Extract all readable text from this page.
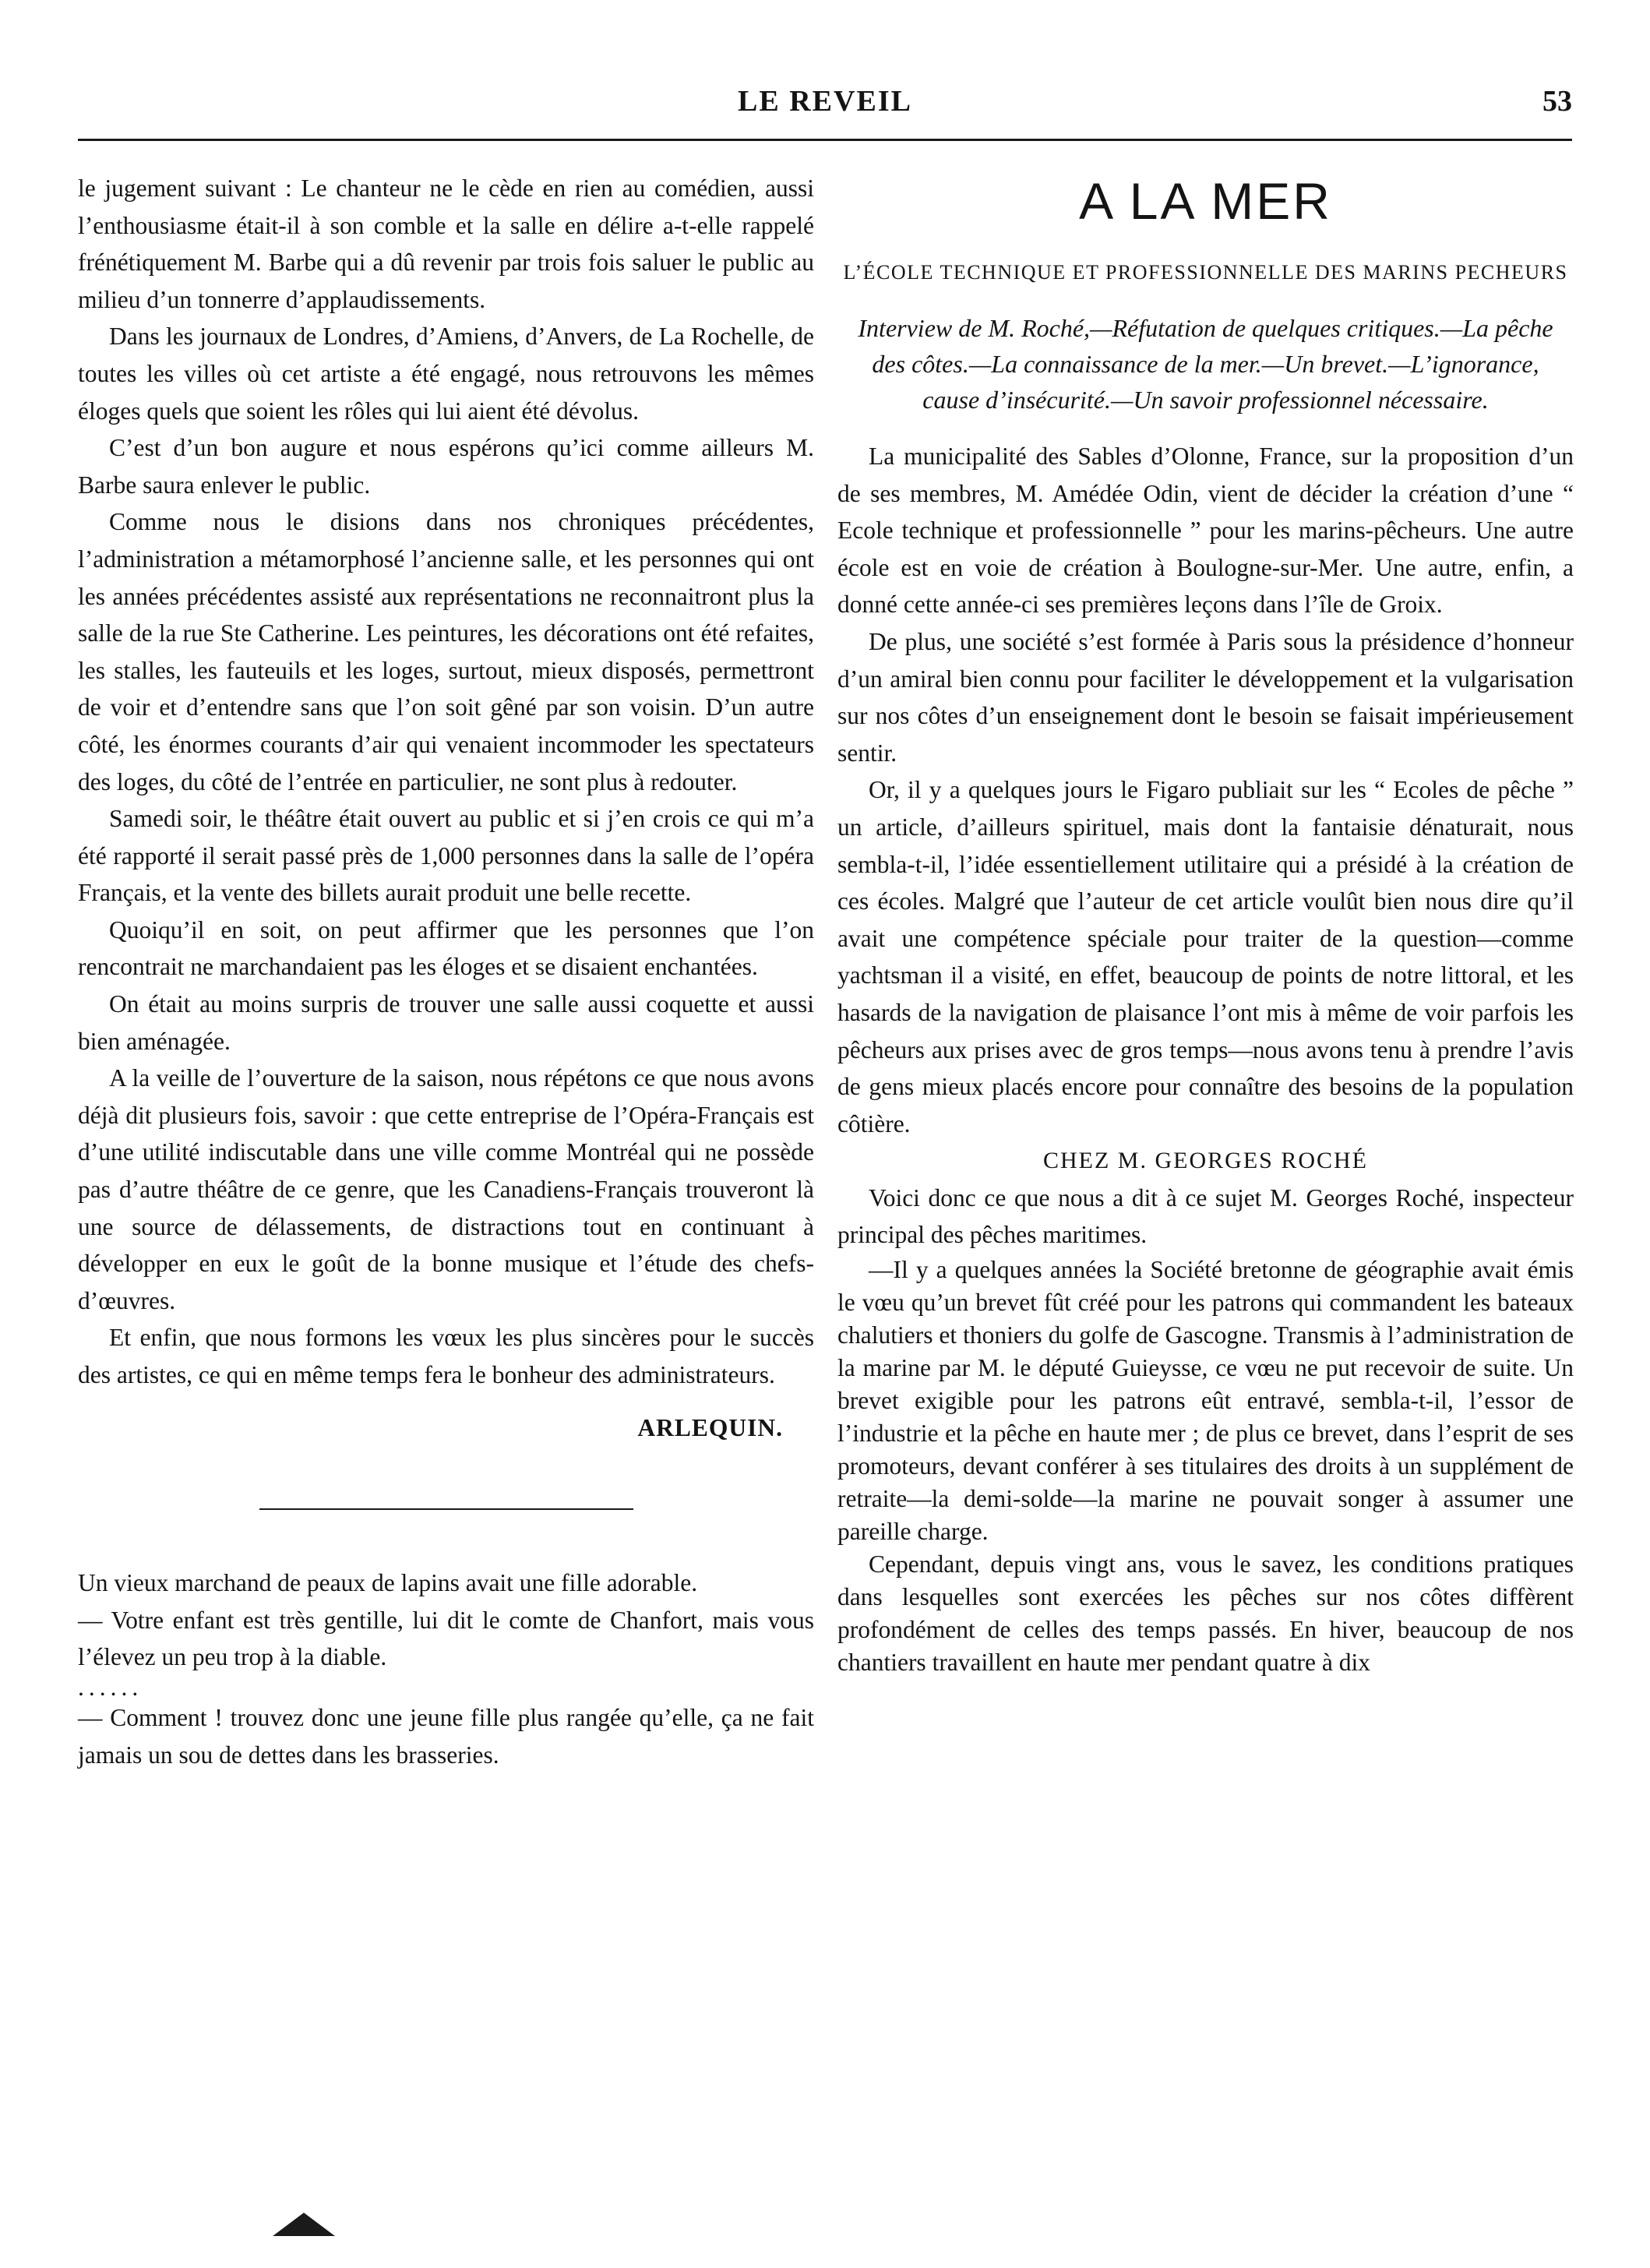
LE REVEIL	53

le jugement suivant : Le chanteur ne le cède en rien au comédien, aussi l’enthousiasme était-il à son comble et la salle en délire a-t-elle rappelé frénétiquement M. Barbe qui a dû revenir par trois fois saluer le public au milieu d’un tonnerre d’applaudissements.

Dans les journaux de Londres, d’Amiens, d’Anvers, de La Rochelle, de toutes les villes où cet artiste a été engagé, nous retrouvons les mêmes éloges quels que soient les rôles qui lui aient été dévolus.

C’est d’un bon augure et nous espérons qu’ici comme ailleurs M. Barbe saura enlever le public.

Comme nous le disions dans nos chroniques précédentes, l’administration a métamorphosé l’ancienne salle, et les personnes qui ont les années précédentes assisté aux représentations ne reconnaitront plus la salle de la rue Ste Catherine. Les peintures, les décorations ont été refaites, les stalles, les fauteuils et les loges, surtout, mieux disposés, permettront de voir et d’entendre sans que l’on soit gêné par son voisin. D’un autre côté, les énormes courants d’air qui venaient incommoder les spectateurs des loges, du côté de l’entrée en particulier, ne sont plus à redouter.

Samedi soir, le théâtre était ouvert au public et si j’en crois ce qui m’a été rapporté il serait passé près de 1,000 personnes dans la salle de l’opéra Français, et la vente des billets aurait produit une belle recette.

Quoiqu’il en soit, on peut affirmer que les personnes que l’on rencontrait ne marchandaient pas les éloges et se disaient enchantées.

On était au moins surpris de trouver une salle aussi coquette et aussi bien aménagée.

A la veille de l’ouverture de la saison, nous répétons ce que nous avons déjà dit plusieurs fois, savoir : que cette entreprise de l’Opéra-Français est d’une utilité indiscutable dans une ville comme Montréal qui ne possède pas d’autre théâtre de ce genre, que les Canadiens-Français trouveront là une source de délassements, de distractions tout en continuant à développer en eux le goût de la bonne musique et l’étude des chefs-d’œuvres.

Et enfin, que nous formons les vœux les plus sincères pour le succès des artistes, ce qui en même temps fera le bonheur des administrateurs.

ARLEQUIN.

Un vieux marchand de peaux de lapins avait une fille adorable.

— Votre enfant est très gentille, lui dit le comte de Chanfort, mais vous l’élevez un peu trop à la diable.

......

— Comment ! trouvez donc une jeune fille plus rangée qu’elle, ça ne fait jamais un sou de dettes dans les brasseries.

A LA MER
L’ÉCOLE TECHNIQUE ET PROFESSIONNELLE DES MARINS PECHEURS
Interview de M. Roché,—Réfutation de quelques critiques.—La pêche des côtes.—La connaissance de la mer.—Un brevet.—L’ignorance, cause d’insécurité.—Un savoir professionnel nécessaire.

La municipalité des Sables d’Olonne, France, sur la proposition d’un de ses membres, M. Amédée Odin, vient de décider la création d’une “ Ecole technique et professionnelle ” pour les marins-pêcheurs. Une autre école est en voie de création à Boulogne-sur-Mer. Une autre, enfin, a donné cette année-ci ses premières leçons dans l’île de Groix.

De plus, une société s’est formée à Paris sous la présidence d’honneur d’un amiral bien connu pour faciliter le développement et la vulgarisation sur nos côtes d’un enseignement dont le besoin se faisait impérieusement sentir.

Or, il y a quelques jours le Figaro publiait sur les “ Ecoles de pêche ” un article, d’ailleurs spirituel, mais dont la fantaisie dénaturait, nous sembla-t-il, l’idée essentiellement utilitaire qui a présidé à la création de ces écoles. Malgré que l’auteur de cet article voulût bien nous dire qu’il avait une compétence spéciale pour traiter de la question—comme yachtsman il a visité, en effet, beaucoup de points de notre littoral, et les hasards de la navigation de plaisance l’ont mis à même de voir parfois les pêcheurs aux prises avec de gros temps—nous avons tenu à prendre l’avis de gens mieux placés encore pour connaître des besoins de la population côtière.

CHEZ M. GEORGES ROCHÉ

Voici donc ce que nous a dit à ce sujet M. Georges Roché, inspecteur principal des pêches maritimes.

—Il y a quelques années la Société bretonne de géographie avait émis le vœu qu’un brevet fût créé pour les patrons qui commandent les bateaux chalutiers et thoniers du golfe de Gascogne. Transmis à l’administration de la marine par M. le député Guieysse, ce vœu ne put recevoir de suite. Un brevet exigible pour les patrons eût entravé, sembla-t-il, l’essor de l’industrie et la pêche en haute mer ; de plus ce brevet, dans l’esprit de ses promoteurs, devant conférer à ses titulaires des droits à un supplément de retraite—la demi-solde—la marine ne pouvait songer à assumer une pareille charge.

Cependant, depuis vingt ans, vous le savez, les conditions pratiques dans lesquelles sont exercées les pêches sur nos côtes diffèrent profondément de celles des temps passés. En hiver, beaucoup de nos chantiers travaillent en haute mer pendant quatre à dix
